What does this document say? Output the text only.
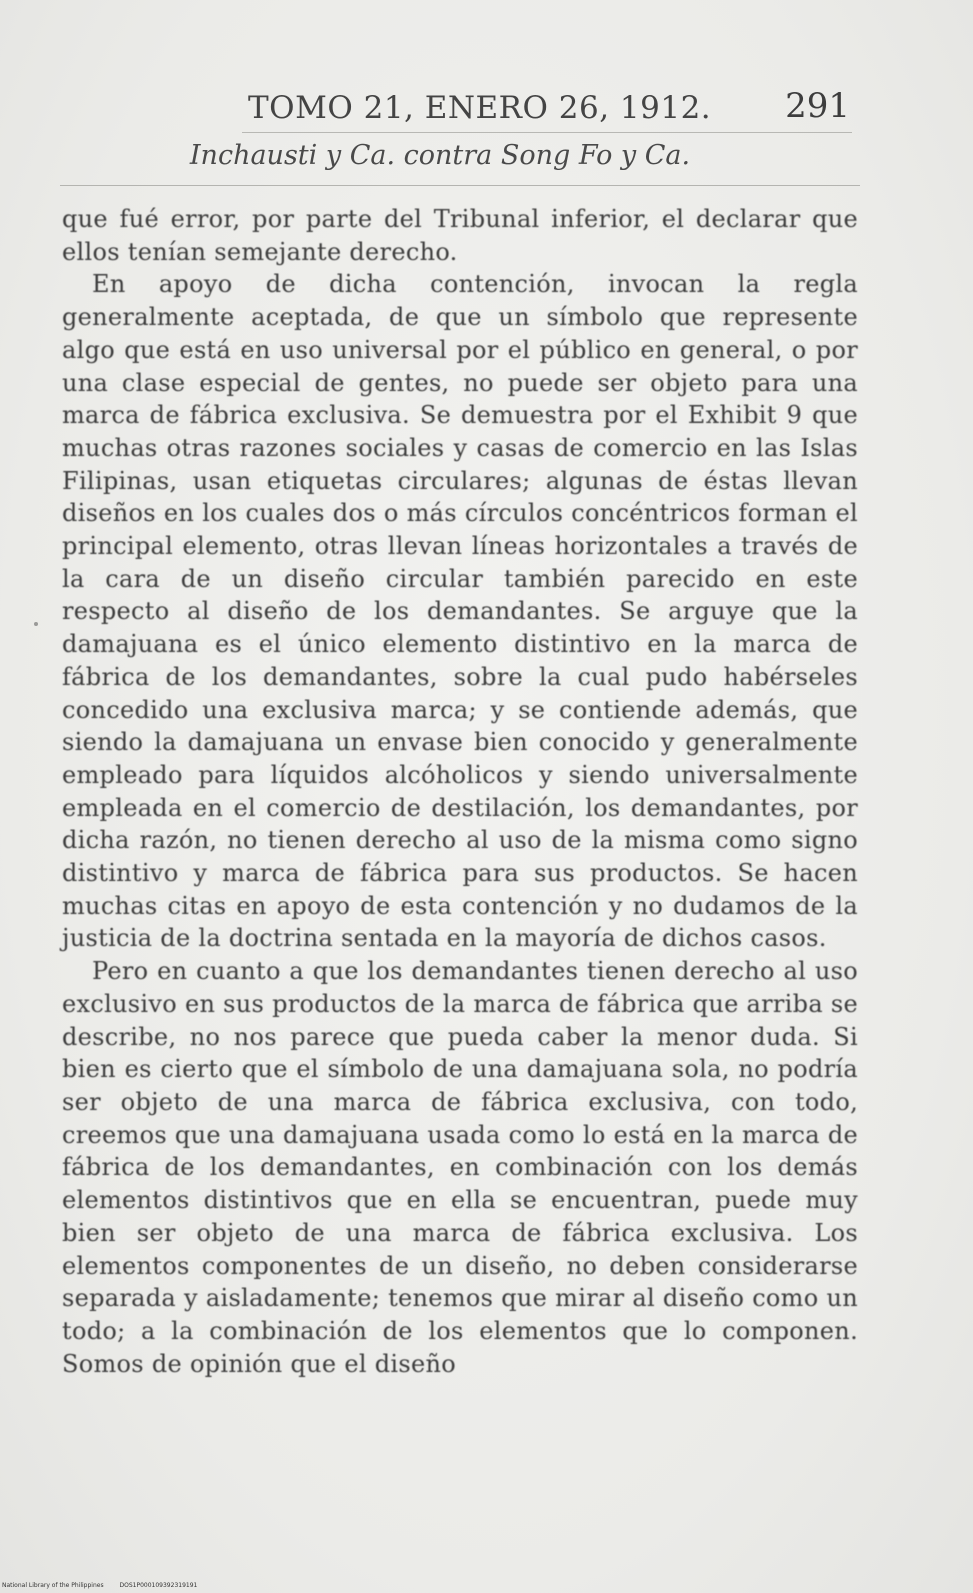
TOMO 21, ENERO 26, 1912. 291
Inchausti y Ca. contra Song Fo y Ca.

que fué error, por parte del Tribunal inferior, el declarar que ellos tenían semejante derecho.

En apoyo de dicha contención, invocan la regla generalmente aceptada, de que un símbolo que represente algo que está en uso universal por el público en general, o por una clase especial de gentes, no puede ser objeto para una marca de fábrica exclusiva. Se demuestra por el Exhibit 9 que muchas otras razones sociales y casas de comercio en las Islas Filipinas, usan etiquetas circulares; algunas de éstas llevan diseños en los cuales dos o más círculos concéntricos forman el principal elemento, otras llevan líneas horizontales a través de la cara de un diseño circular también parecido en este respecto al diseño de los demandantes. Se arguye que la damajuana es el único elemento distintivo en la marca de fábrica de los demandantes, sobre la cual pudo habérseles concedido una exclusiva marca; y se contiende además, que siendo la damajuana un envase bien conocido y generalmente empleado para líquidos alcóholicos y siendo universalmente empleada en el comercio de destilación, los demandantes, por dicha razón, no tienen derecho al uso de la misma como signo distintivo y marca de fábrica para sus productos. Se hacen muchas citas en apoyo de esta contención y no dudamos de la justicia de la doctrina sentada en la mayoría de dichos casos.

Pero en cuanto a que los demandantes tienen derecho al uso exclusivo en sus productos de la marca de fábrica que arriba se describe, no nos parece que pueda caber la menor duda. Si bien es cierto que el símbolo de una damajuana sola, no podría ser objeto de una marca de fábrica exclusiva, con todo, creemos que una damajuana usada como lo está en la marca de fábrica de los demandantes, en combinación con los demás elementos distintivos que en ella se encuentran, puede muy bien ser objeto de una marca de fábrica exclusiva. Los elementos componentes de un diseño, no deben considerarse separada y aisladamente; tenemos que mirar al diseño como un todo; a la combinación de los elementos que lo componen. Somos de opinión que el diseño

National Library of the Philippines	DOS1P000109392319191
